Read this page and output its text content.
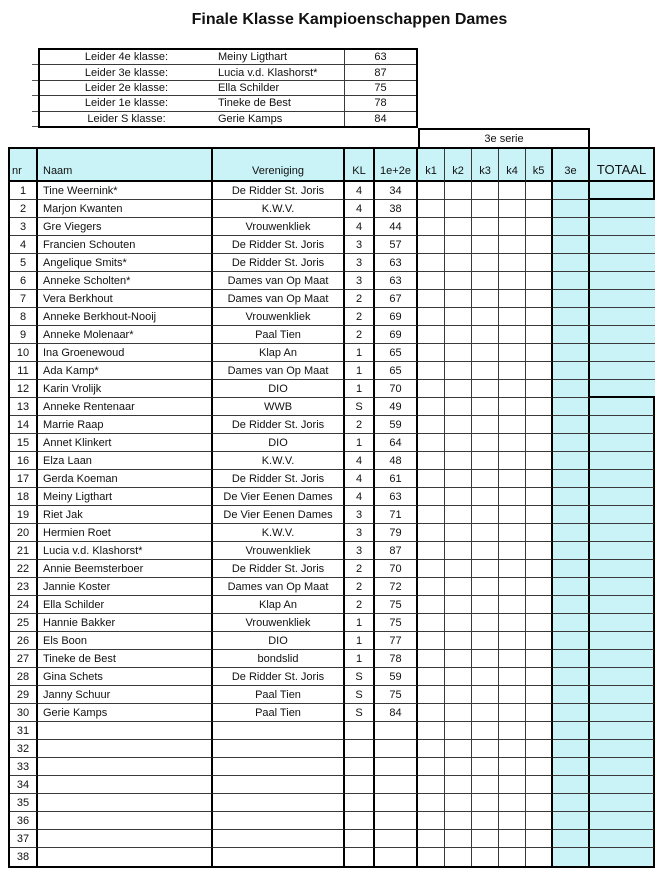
Finale Klasse Kampioenschappen Dames
Leider 4e klasse:	Meiny Ligthart	63
Leider 3e klasse:	Lucia v.d. Klashorst*	87
Leider 2e klasse:	Ella Schilder	75
Leider 1e klasse:	Tineke de Best	78
Leider S klasse:	Gerie Kamps	84
3e serie
nr	Naam	Vereniging	KL	1e+2e	k1	k2	k3	k4	k5	3e	TOTAAL
1	Tine Weernink*	De Ridder St. Joris	4	34
2	Marjon Kwanten	K.W.V.	4	38
3	Gre Viegers	Vrouwenkliek	4	44
4	Francien Schouten	De Ridder St. Joris	3	57
5	Angelique Smits*	De Ridder St. Joris	3	63
6	Anneke Scholten*	Dames van Op Maat	3	63
7	Vera Berkhout	Dames van Op Maat	2	67
8	Anneke Berkhout-Nooij	Vrouwenkliek	2	69
9	Anneke Molenaar*	Paal Tien	2	69
10	Ina Groenewoud	Klap An	1	65
11	Ada Kamp*	Dames van Op Maat	1	65
12	Karin Vrolijk	DIO	1	70
13	Anneke Rentenaar	WWB	S	49
14	Marrie Raap	De Ridder St. Joris	2	59
15	Annet Klinkert	DIO	1	64
16	Elza Laan	K.W.V.	4	48
17	Gerda Koeman	De Ridder St. Joris	4	61
18	Meiny Ligthart	De Vier Eenen Dames	4	63
19	Riet Jak	De Vier Eenen Dames	3	71
20	Hermien Roet	K.W.V.	3	79
21	Lucia v.d. Klashorst*	Vrouwenkliek	3	87
22	Annie Beemsterboer	De Ridder St. Joris	2	70
23	Jannie Koster	Dames van Op Maat	2	72
24	Ella Schilder	Klap An	2	75
25	Hannie Bakker	Vrouwenkliek	1	75
26	Els Boon	DIO	1	77
27	Tineke de Best	bondslid	1	78
28	Gina Schets	De Ridder St. Joris	S	59
29	Janny Schuur	Paal Tien	S	75
30	Gerie Kamps	Paal Tien	S	84
31
32
33
34
35
36
37
38
